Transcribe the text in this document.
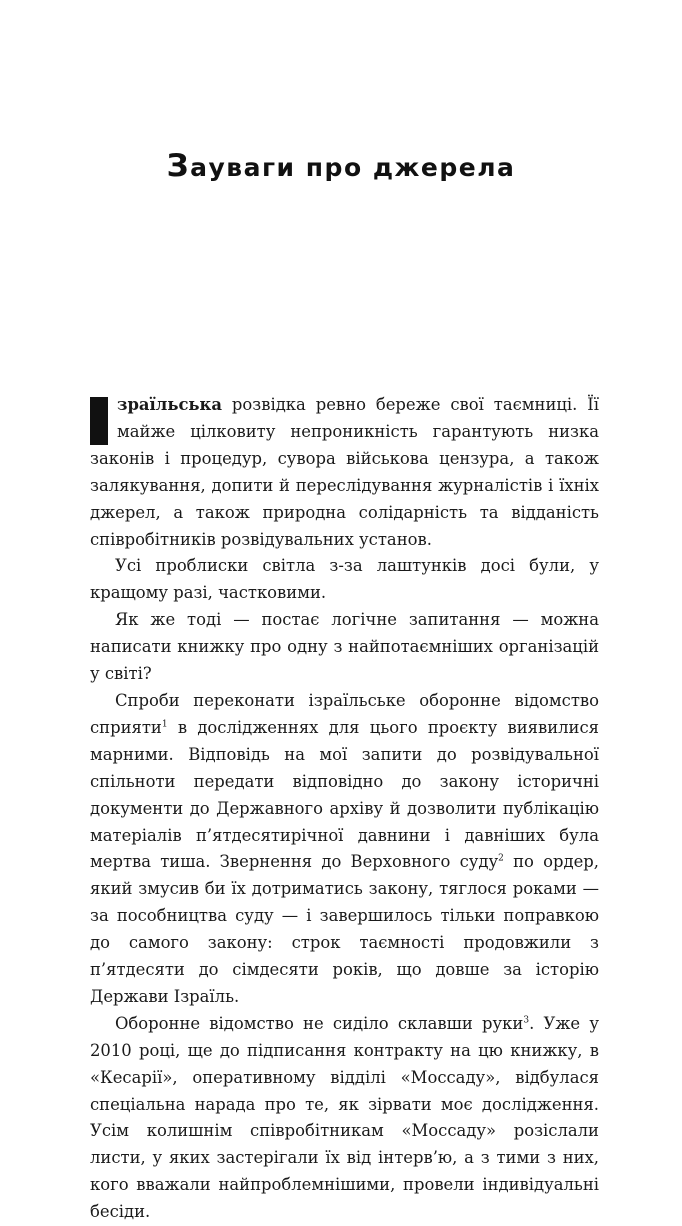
Зауваги про джерела

зраїльська розвідка ревно береже свої таємниці. Її майже цілковиту непроникність гарантують низка законів і процедур, сувора військова цензура, а також залякування, допити й переслідування журналістів і їхніх джерел, а також природна солідарність та відданість співробітників розвідувальних установ.

Усі проблиски світла з-за лаштунків досі були, у кращому разі, частковими.

Як же тоді — постає логічне запитання — можна написати книжку про одну з найпотаємніших організацій у світі?

Спроби переконати ізраїльське оборонне відомство сприяти$^1$ в дослідженнях для цього проєкту виявилися марними. Відповідь на мої запити до розвідувальної спільноти передати відповідно до закону історичні документи до Державного архіву й дозволити публікацію матеріалів п’ятдесятирічної давнини і давніших була мертва тиша. Звернення до Верховного суду$^2$ по ордер, який змусив би їх дотриматись закону, тяглося роками — за пособництва суду — і завершилось тільки поправкою до самого закону: строк таємності продовжили з п’ятдесяти до сімдесяти років, що довше за історію Держави Ізраїль.

Оборонне відомство не сиділо склавши руки$^3$. Уже у 2010 році, ще до підписання контракту на цю книжку, в «Кесарії», оперативному відділі «Моссаду», відбулася спеціальна нарада про те, як зірвати моє дослідження. Усім колишнім співробітникам «Моссаду» розіслали листи, у яких застерігали їх від інтерв’ю, а з тими з них, кого вважали найпроблемнішими, провели індивідуальні бесіди.
